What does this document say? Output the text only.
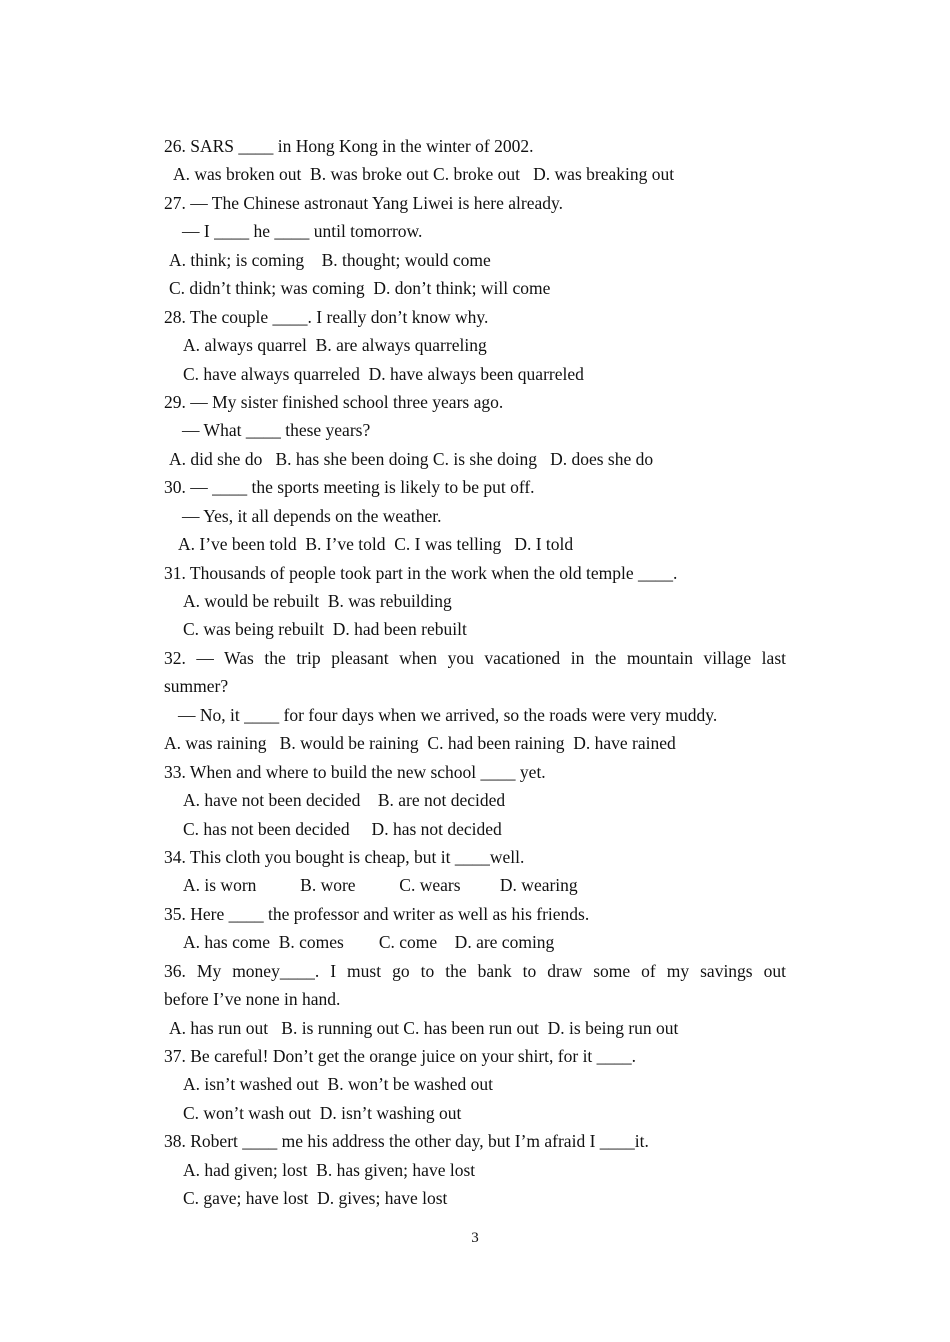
26. SARS ____ in Hong Kong in the winter of 2002.
A. was broken out  B. was broke out C. broke out   D. was breaking out
27. — The Chinese astronaut Yang Liwei is here already.
— I ____ he ____ until tomorrow.
A. think; is coming    B. thought; would come
C. didn’t think; was coming  D. don’t think; will come
28. The couple ____. I really don’t know why.
A. always quarrel  B. are always quarreling
C. have always quarreled  D. have always been quarreled
29. — My sister finished school three years ago.
— What ____ these years?
A. did she do   B. has she been doing C. is she doing   D. does she do
30. — ____ the sports meeting is likely to be put off.
— Yes, it all depends on the weather.
A. I’ve been told  B. I’ve told  C. I was telling   D. I told
31. Thousands of people took part in the work when the old temple ____.
A. would be rebuilt  B. was rebuilding
C. was being rebuilt  D. had been rebuilt
32. — Was the trip pleasant when you vacationed in the mountain village last
summer?
— No, it ____ for four days when we arrived, so the roads were very muddy.
A. was raining   B. would be raining  C. had been raining  D. have rained
33. When and where to build the new school ____ yet.
A. have not been decided    B. are not decided
C. has not been decided     D. has not decided
34. This cloth you bought is cheap, but it ____well.
A. is worn          B. wore          C. wears         D. wearing
35. Here ____ the professor and writer as well as his friends.
A. has come  B. comes        C. come    D. are coming
36. My money____. I must go to the bank to draw some of my savings out
before I’ve none in hand.
A. has run out   B. is running out C. has been run out  D. is being run out
37. Be careful! Don’t get the orange juice on your shirt, for it ____.
A. isn’t washed out  B. won’t be washed out
C. won’t wash out  D. isn’t washing out
38. Robert ____ me his address the other day, but I’m afraid I ____it.
A. had given; lost  B. has given; have lost
C. gave; have lost  D. gives; have lost
3
